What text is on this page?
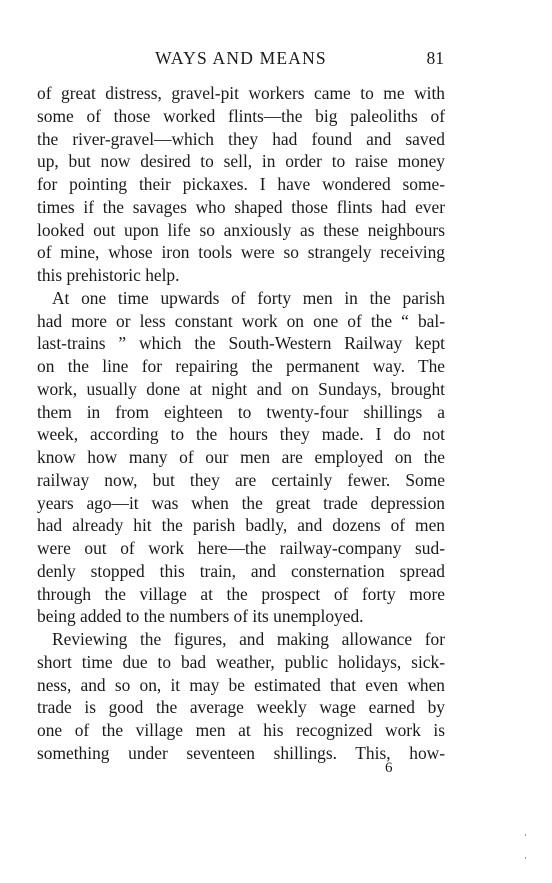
WAYS AND MEANS	81
of great distress, gravel-pit workers came to me with
some of those worked flints—the big paleoliths of
the river-gravel—which they had found and saved
up, but now desired to sell, in order to raise money
for pointing their pickaxes. I have wondered some-
times if the savages who shaped those flints had ever
looked out upon life so anxiously as these neighbours
of mine, whose iron tools were so strangely receiving
this prehistoric help.
At one time upwards of forty men in the parish
had more or less constant work on one of the “ bal-
last-trains ” which the South-Western Railway kept
on the line for repairing the permanent way. The
work, usually done at night and on Sundays, brought
them in from eighteen to twenty-four shillings a
week, according to the hours they made. I do not
know how many of our men are employed on the
railway now, but they are certainly fewer. Some
years ago—it was when the great trade depression
had already hit the parish badly, and dozens of men
were out of work here—the railway-company sud-
denly stopped this train, and consternation spread
through the village at the prospect of forty more
being added to the numbers of its unemployed.
Reviewing the figures, and making allowance for
short time due to bad weather, public holidays, sick-
ness, and so on, it may be estimated that even when
trade is good the average weekly wage earned by
one of the village men at his recognized work is
something under seventeen shillings. This, how-
6
